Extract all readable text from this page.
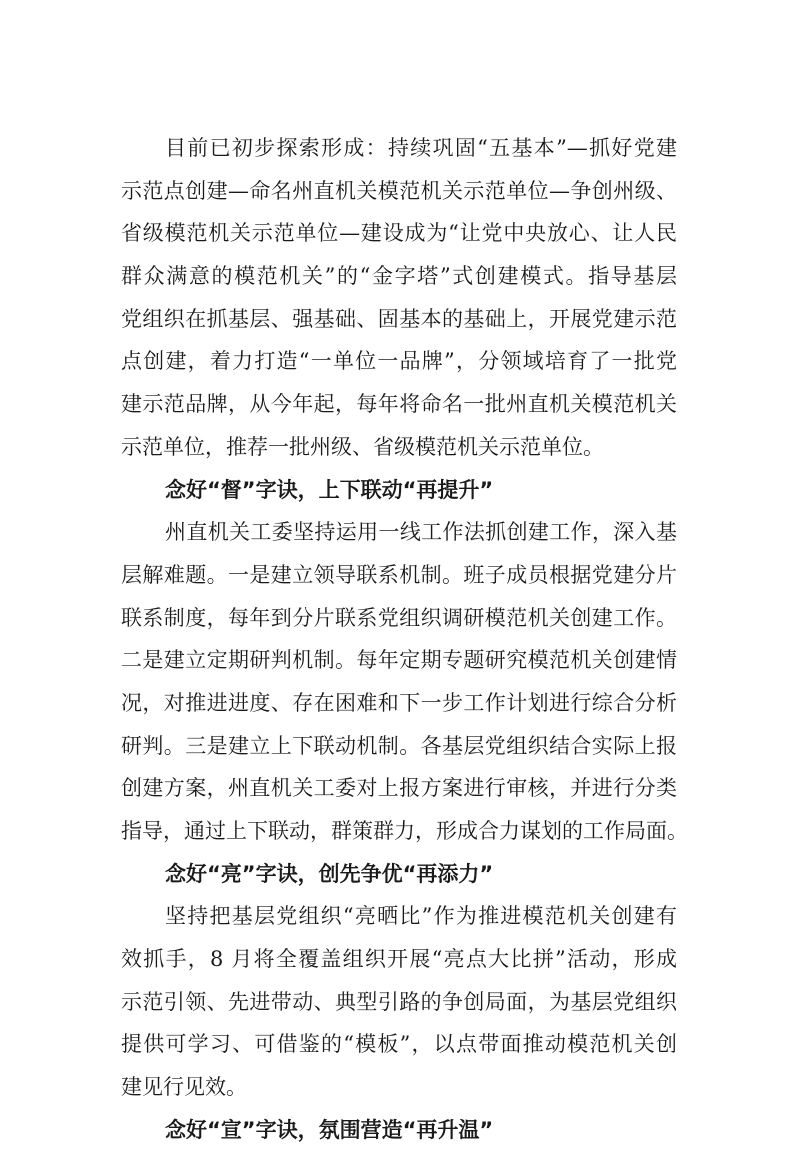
目前已初步探索形成：持续巩固“五基本”—抓好党建
示范点创建—命名州直机关模范机关示范单位—争创州级、
省级模范机关示范单位—建设成为“让党中央放心、让人民
群众满意的模范机关”的“金字塔”式创建模式。指导基层
党组织在抓基层、强基础、固基本的基础上，开展党建示范
点创建，着力打造“一单位一品牌”，分领域培育了一批党
建示范品牌，从今年起，每年将命名一批州直机关模范机关
示范单位，推荐一批州级、省级模范机关示范单位。
念好“督”字诀，上下联动“再提升”
州直机关工委坚持运用一线工作法抓创建工作，深入基
层解难题。一是建立领导联系机制。班子成员根据党建分片
联系制度，每年到分片联系党组织调研模范机关创建工作。
二是建立定期研判机制。每年定期专题研究模范机关创建情
况，对推进进度、存在困难和下一步工作计划进行综合分析
研判。三是建立上下联动机制。各基层党组织结合实际上报
创建方案，州直机关工委对上报方案进行审核，并进行分类
指导，通过上下联动，群策群力，形成合力谋划的工作局面。
念好“亮”字诀，创先争优“再添力”
坚持把基层党组织“亮晒比”作为推进模范机关创建有
效抓手，8 月将全覆盖组织开展“亮点大比拼”活动，形成
示范引领、先进带动、典型引路的争创局面，为基层党组织
提供可学习、可借鉴的“模板”，以点带面推动模范机关创
建见行见效。
念好“宣”字诀，氛围营造“再升温”
